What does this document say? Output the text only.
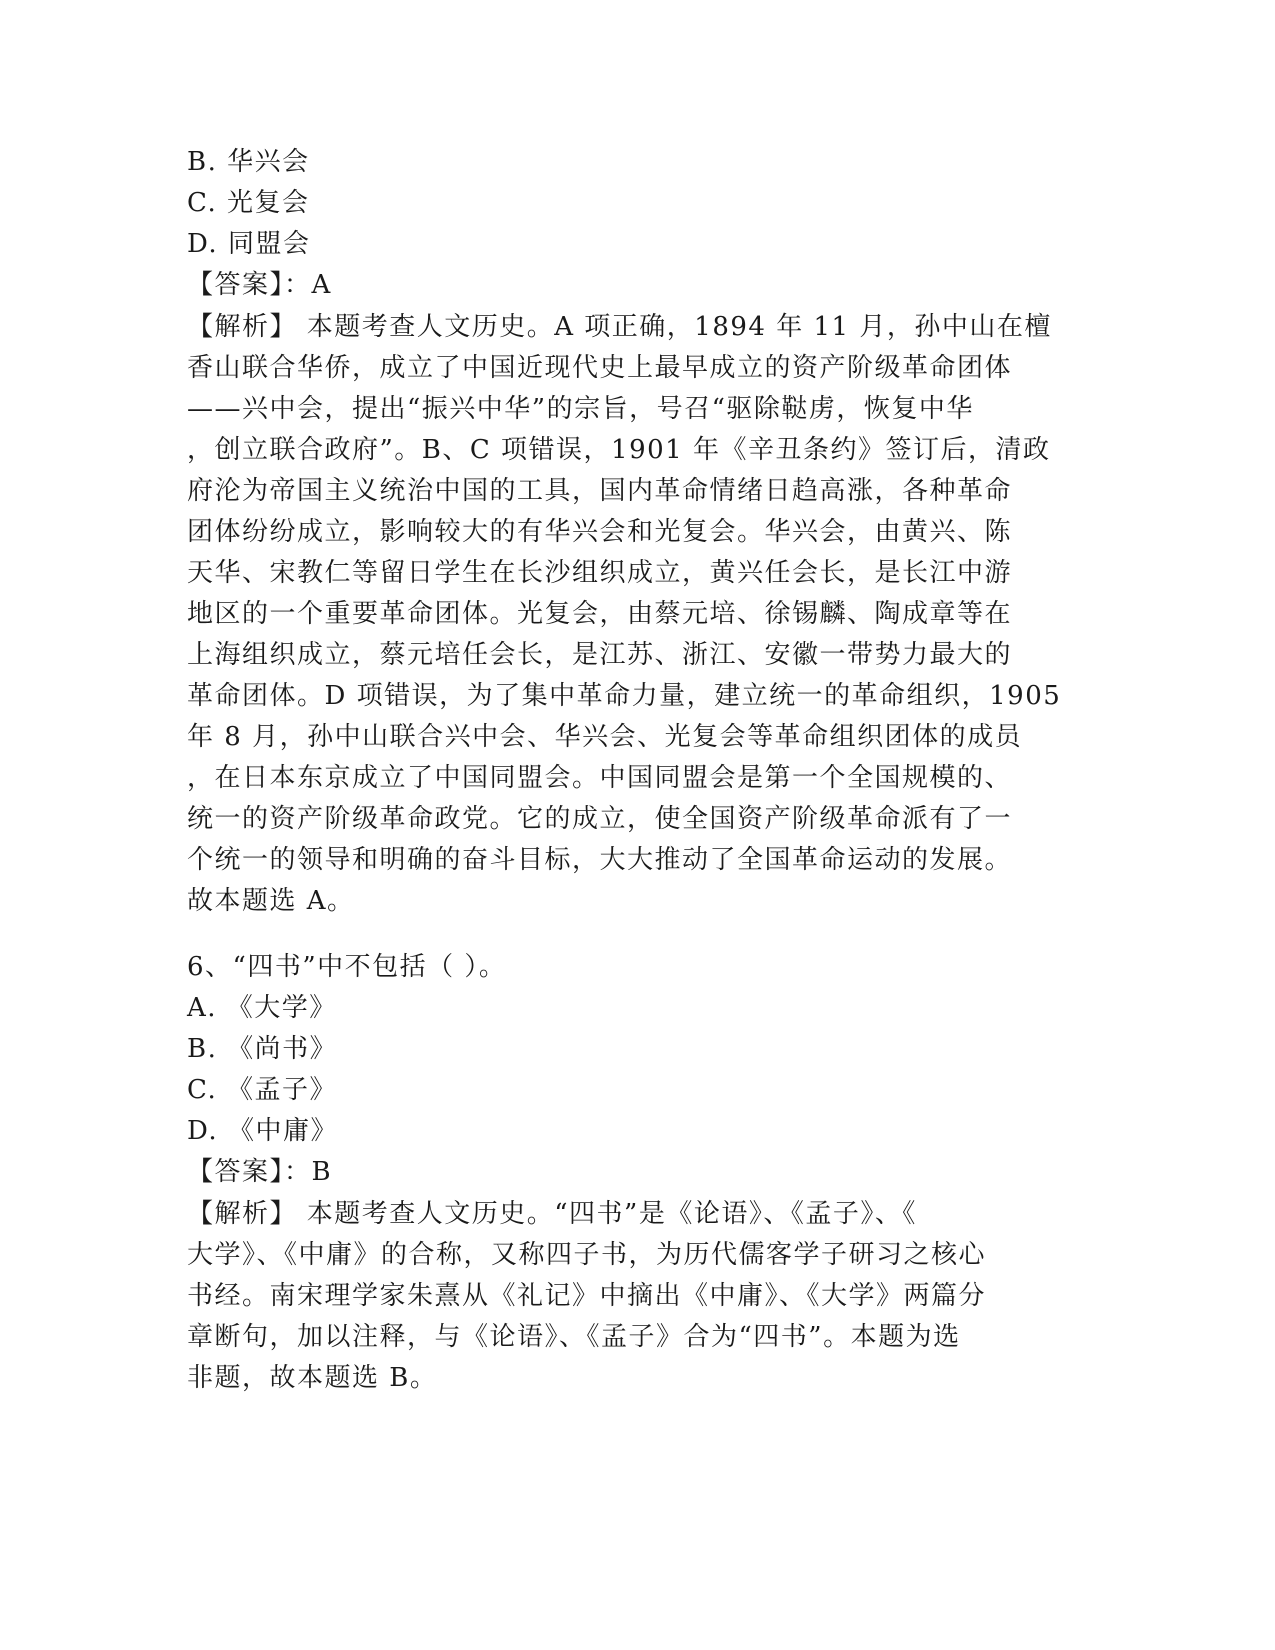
B. 华兴会
C. 光复会
D. 同盟会
【答案】：A
【解析】 本题考查人文历史。A 项正确，1894 年 11 月，孙中山在檀
香山联合华侨，成立了中国近现代史上最早成立的资产阶级革命团体
——兴中会，提出“振兴中华”的宗旨，号召“驱除鞑虏，恢复中华
，创立联合政府”。B、C 项错误，1901 年《辛丑条约》签订后，清政
府沦为帝国主义统治中国的工具，国内革命情绪日趋高涨，各种革命
团体纷纷成立，影响较大的有华兴会和光复会。华兴会，由黄兴、陈
天华、宋教仁等留日学生在长沙组织成立，黄兴任会长，是长江中游
地区的一个重要革命团体。光复会，由蔡元培、徐锡麟、陶成章等在
上海组织成立，蔡元培任会长，是江苏、浙江、安徽一带势力最大的
革命团体。D 项错误，为了集中革命力量，建立统一的革命组织，1905
年 8 月，孙中山联合兴中会、华兴会、光复会等革命组织团体的成员
，在日本东京成立了中国同盟会。中国同盟会是第一个全国规模的、
统一的资产阶级革命政党。它的成立，使全国资产阶级革命派有了一
个统一的领导和明确的奋斗目标，大大推动了全国革命运动的发展。
故本题选 A。
6、“四书”中不包括（ ）。
A. 《大学》
B. 《尚书》
C. 《孟子》
D. 《中庸》
【答案】：B
【解析】 本题考查人文历史。“四书”是《论语》、《孟子》、《
大学》、《中庸》的合称，又称四子书，为历代儒客学子研习之核心
书经。南宋理学家朱熹从《礼记》中摘出《中庸》、《大学》两篇分
章断句，加以注释，与《论语》、《孟子》合为“四书”。本题为选
非题，故本题选 B。
